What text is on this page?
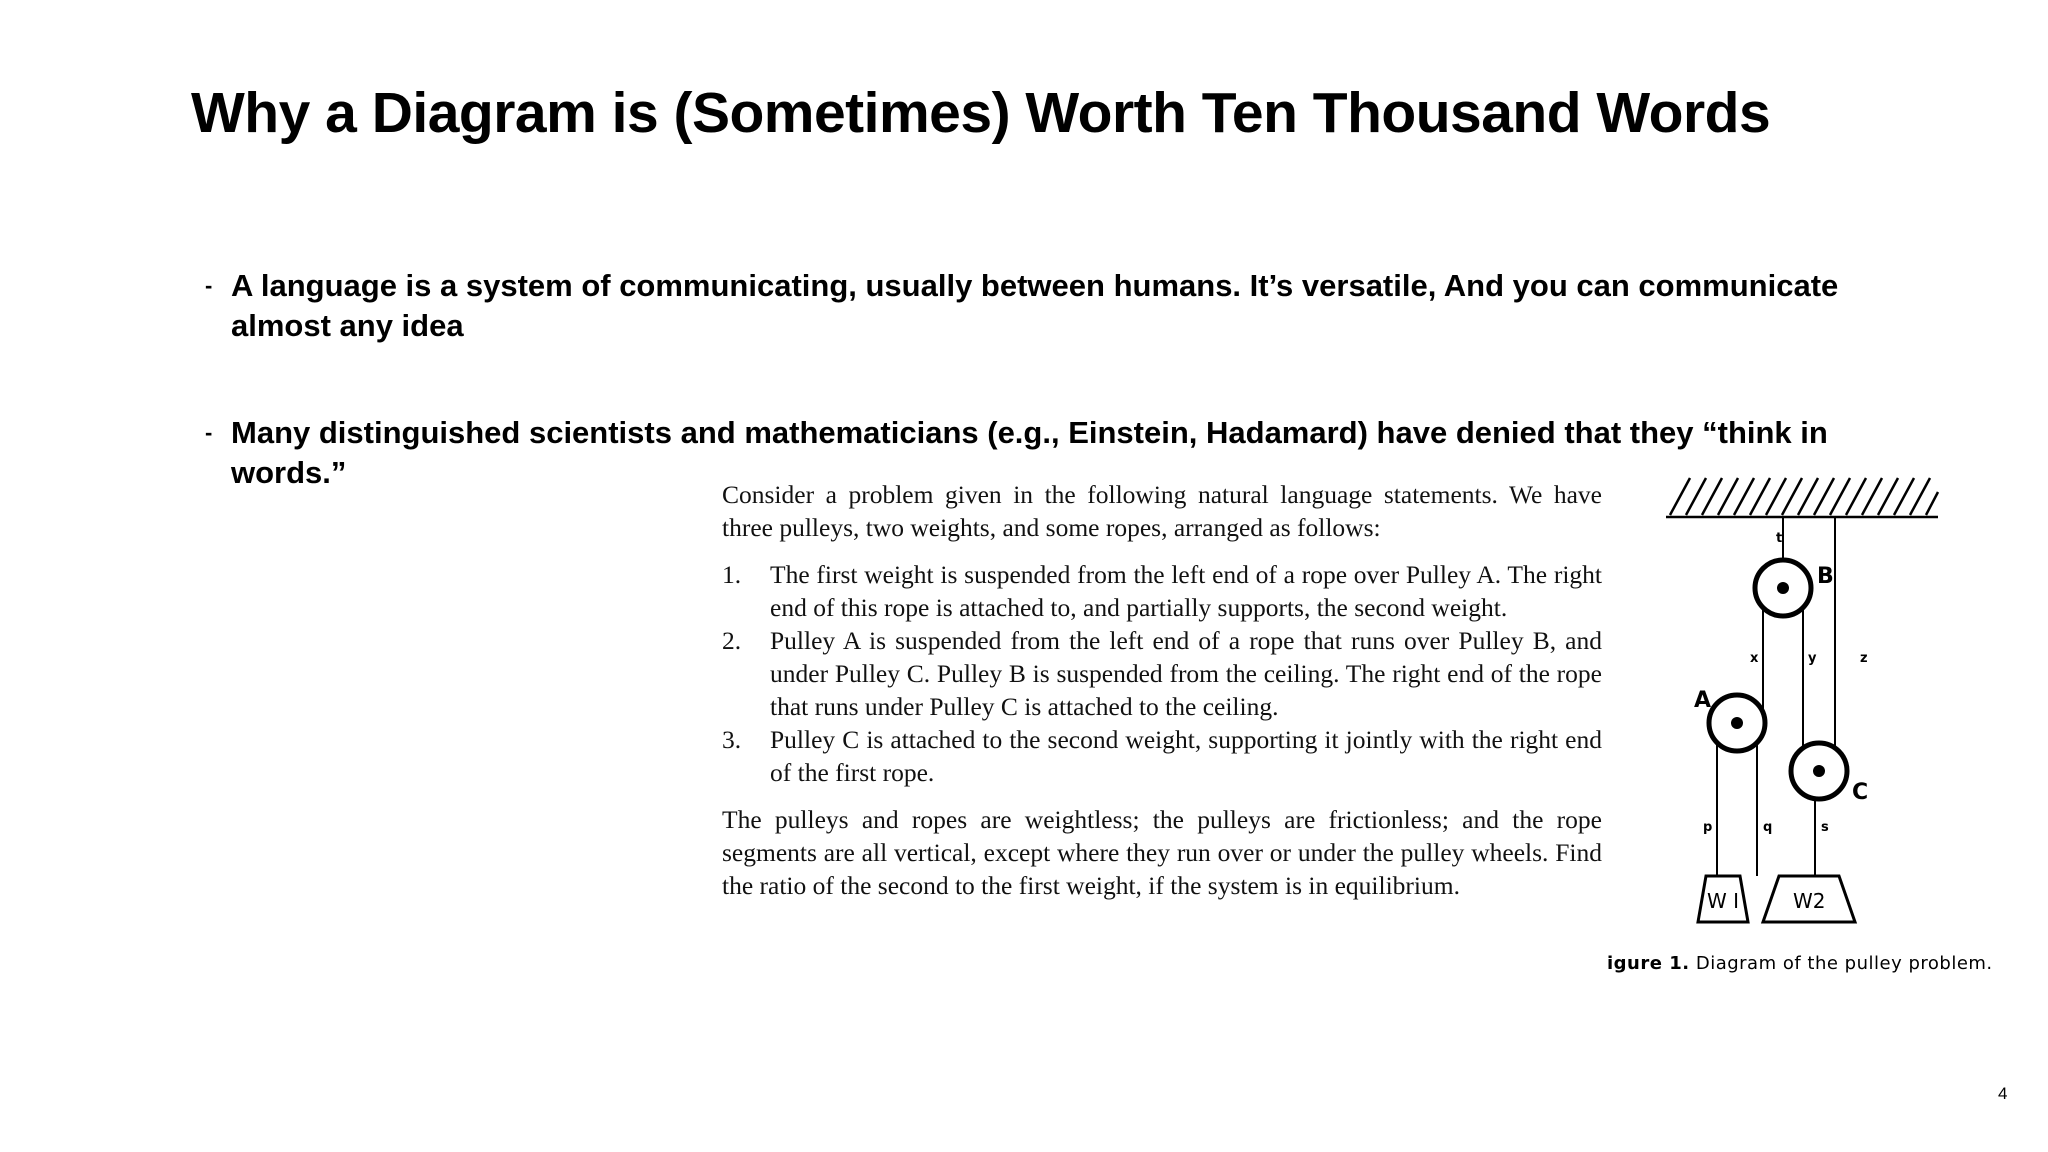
Why a Diagram is (Sometimes) Worth Ten Thousand Words
- A language is a system of communicating, usually between humans. It’s versatile, And you can communicate almost any idea
- Many distinguished scientists and mathematicians (e.g., Einstein, Hadamard) have denied that they “think in words.”

Consider a problem given in the following natural language statements. We have three pulleys, two weights, and some ropes, arranged as follows:

1. The first weight is suspended from the left end of a rope over Pulley A. The right end of this rope is attached to, and partially supports, the second weight.
2. Pulley A is suspended from the left end of a rope that runs over Pulley B, and under Pulley C. Pulley B is suspended from the ceiling. The right end of the rope that runs under Pulley C is attached to the ceiling.
3. Pulley C is attached to the second weight, supporting it jointly with the right end of the first rope.

The pulleys and ropes are weightless; the pulleys are frictionless; and the rope segments are all vertical, except where they run over or under the pulley wheels. Find the ratio of the second to the first weight, if the system is in equilibrium.

A
B
C
t
x	y	z
p	q	s
W I	W2
igure 1. Diagram of the pulley problem.
4
